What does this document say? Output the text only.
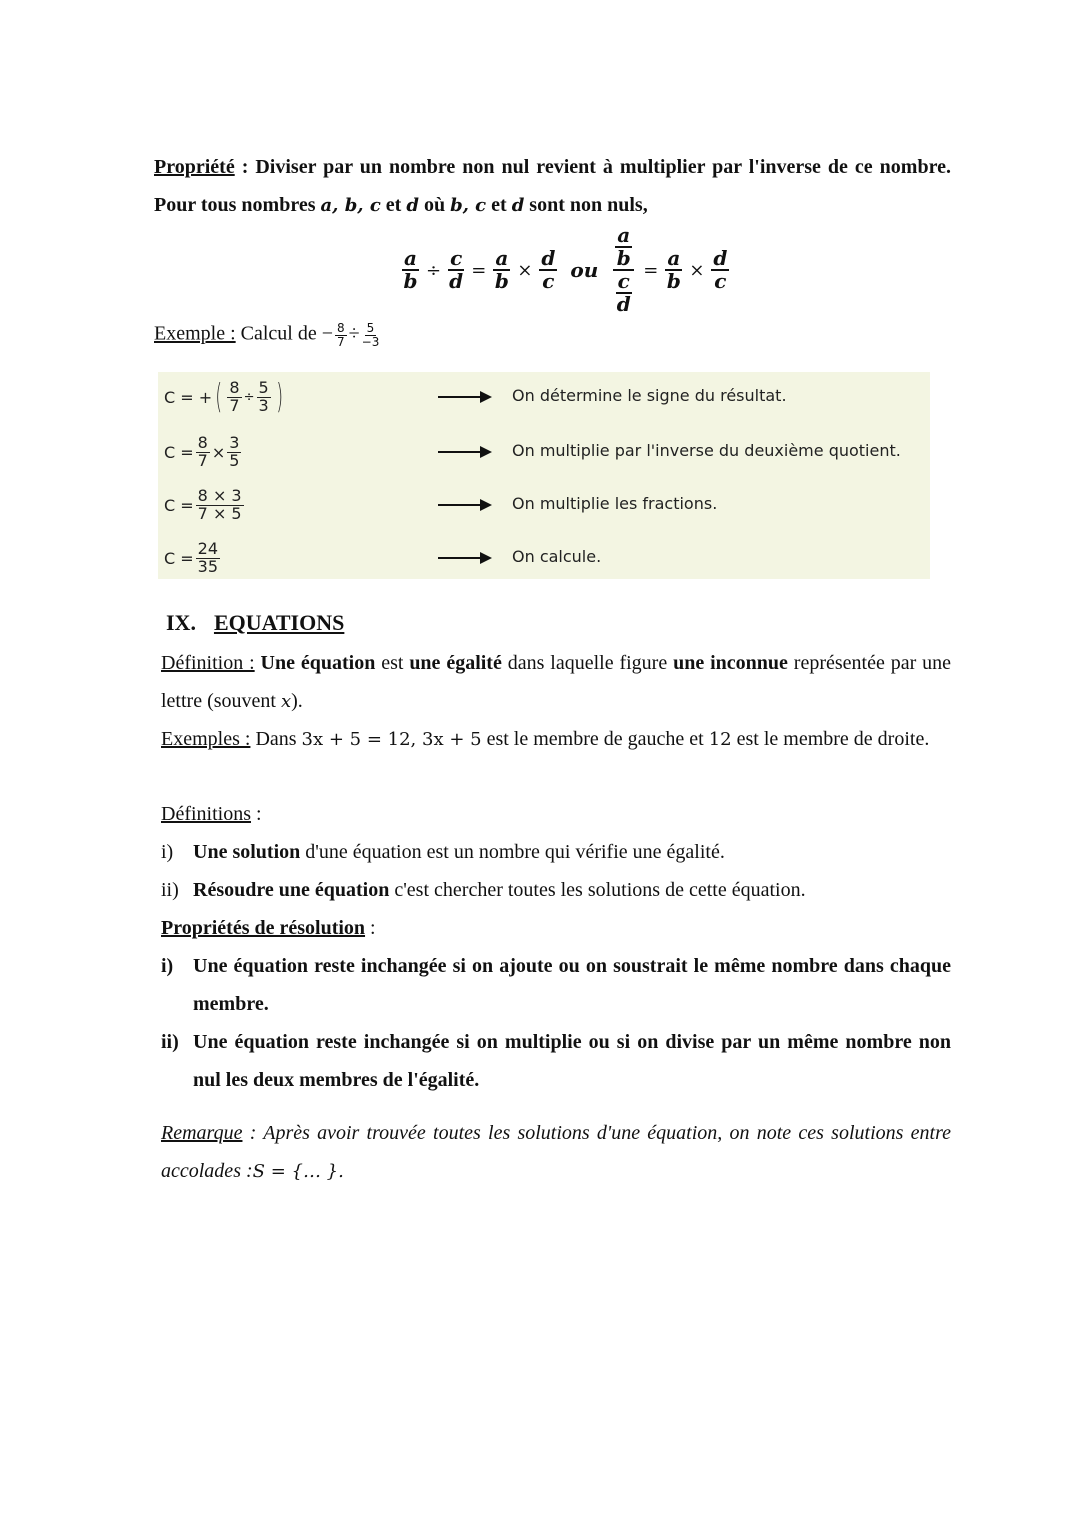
Propriété : Diviser par un nombre non nul revient à multiplier par l'inverse de ce nombre. Pour tous nombres a, b, c et d où b, c et d sont non nuls,
$\frac{a}{b} \div \frac{c}{d} = \frac{a}{b} \times \frac{d}{c}$ ou $\frac{\frac{a}{b}}{\frac{c}{d}} = \frac{a}{b} \times \frac{d}{c}$
Exemple : Calcul de − $\frac{8}{7} \div \frac{5}{-3}$
C = + ( $\frac{8}{7} \div \frac{5}{3}$ )	On détermine le signe du résultat.
$C = \frac{8}{7} \times \frac{3}{5}$	On multiplie par l'inverse du deuxième quotient.
$C = \frac{8 \times 3}{7 \times 5}$	On multiplie les fractions.
$C = \frac{24}{35}$	On calcule.
IX. EQUATIONS
Définition : Une équation est une égalité dans laquelle figure une inconnue représentée par une lettre (souvent x).
Exemples : Dans 3x + 5 = 12, 3x + 5 est le membre de gauche et 12 est le membre de droite.
Définitions :
i) Une solution d'une équation est un nombre qui vérifie une égalité.
ii) Résoudre une équation c'est chercher toutes les solutions de cette équation.
Propriétés de résolution :
i) Une équation reste inchangée si on ajoute ou on soustrait le même nombre dans chaque membre.
ii) Une équation reste inchangée si on multiplie ou si on divise par un même nombre non nul les deux membres de l'égalité.
Remarque : Après avoir trouvée toutes les solutions d'une équation, on note ces solutions entre accolades :S = {… }.
